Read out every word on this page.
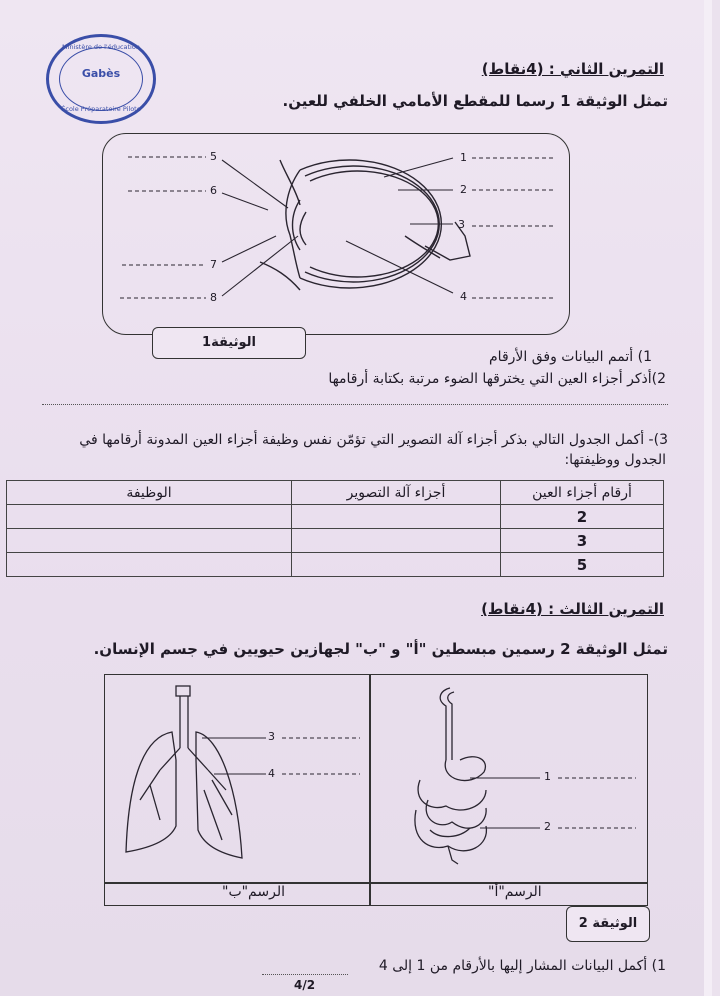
Ministère de l'éducation
Gabès
École Préparatoire Pilote
التمرين الثاني : (4نقاط)
تمثل الوثيقة 1 رسما للمقطع الأمامي الخلفي للعين.
5
6
7
8
1
2
3
4
الوثيقة1
1) أتمم البيانات وفق الأرقام
2)أذكر أجزاء العين التي يخترقها الضوء مرتبة بكتابة أرقامها
3)- أكمل الجدول التالي بذكر أجزاء آلة التصوير التي تؤمّن نفس وظيفة أجزاء العين المدونة أرقامها في
الجدول ووظيفتها:
أرقام أجزاء العين	أجزاء آلة التصوير	الوظيفة
2		
3		
5		
التمرين الثالث : (4نقاط)
تمثل الوثيقة 2 رسمين مبسطين "أ" و "ب" لجهازين حيويين في جسم الإنسان.
3
4	1
2
الرسم"ب"	الرسم"أ"
الوثيقة 2
1) أكمل البيانات المشار إليها بالأرقام من 1 إلى 4
4/2
